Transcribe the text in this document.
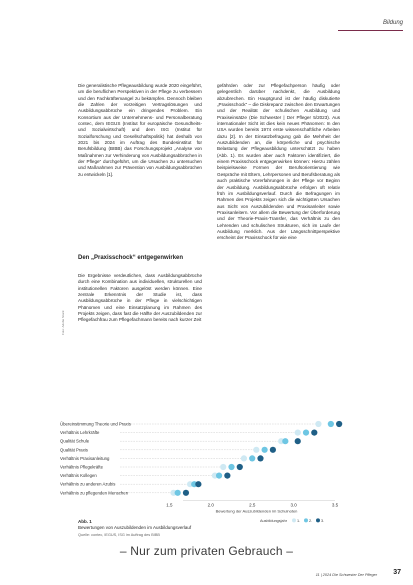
Bildung

Die generalistische Pflegeausbildung wurde 2020 eingeführt, um die beruflichen Perspektiven in der Pflege zu verbessern und den Fachkräftemangel zu bekämpfen. Dennoch bleiben die Zahlen der vorzeitigen Vertragslösungen und Ausbildungsabbrüche ein dringendes Problem. Ein Konsortium aus der Unternehmens- und Personalberatung contec, dem IEGUS (Institut für europäische Gesundheits- und Sozialwirtschaft) und dem ISG (Institut für Sozialforschung und Gesellschaftspolitik) hat deshalb von 2021 bis 2024 im Auftrag des Bundesinstitut für Berufsbildung (BIBB) das Forschungsprojekt „Analyse von Maßnahmen zur Verhinderung von Ausbildungsabbrüchen in der Pflege“ durchgeführt, um die Ursachen zu untersuchen und Maßnahmen zur Prävention von Ausbildungsabbrüchen zu entwickeln [1].

Den „Praxisschock“ entgegenwirken

Die Ergebnisse verdeutlichen, dass Ausbildungsabbrüche durch eine Kombination aus individuellen, strukturellen und institutionellen Faktoren ausgelöst werden können. Eine zentrale Erkenntnis der Studie ist, dass Ausbildungsabbrüche in der Pflege in vielschichtigen Phänomen und eine Einsatzplanung im Rahmen des Projekts zeigen, dass fast die Hälfte der Auszubildenden zur Pflegefachfrau zum Pflegefachmann bereits nach kurzer Zeit

gefährden oder zur Pflegefachperson häufig oder gelegentlich darüber nachdenkt, die Ausbildung abzubrechen. Ein Hauptgrund ist der häufig diskutierte „Praxisschock“ – die Diskrepanz zwischen den Erwartungen und der Realität der schulischen Ausbildung und Praxiseinsätze (Die Schwester | Der Pfleger 5/2023). Aus internationaler Sicht ist dies kein neues Phänomen: In den USA wurden bereits 1974 erste wissenschaftliche Arbeiten dazu [2]. In der Einsatzbefragung gab die Mehrheit der Auszubildenden an, die körperliche und psychische Belastung der Pflegeausbildung unterschätzt zu haben (Abb. 1). Es wurden aber auch Faktoren identifiziert, die einem Praxisschock entgegenwirken können: Hierzu zählen beispielsweise Formen der Berufsorientierung wie Gespräche mit Eltern, Lehrpersonen und Berufsberatung als auch praktische Vorerfahrungen in der Pflege vor Beginn der Ausbildung. Ausbildungsabbrüche erfolgen oft relativ früh im Ausbildungsverlauf. Durch die Befragungen im Rahmen des Projekts zeigen sich die wichtigsten Ursachen aus Sicht von Auszubildenden und Praxisanleiter sowie Praxisanleitern. Vor allem die Bewertung der Überforderung und der Theorie-Praxis-Transfer, das Verhältnis zu den Lehrenden und schulischen Strukturen, sich im Laufe der Ausbildung merklich. Aus der Längsschnittperspektive erscheint der Praxisschock für wie eine

Foto: Adobe Stock
Übereinstimmung Theorie und Praxis
Verhältnis Lehrkräfte
Qualität Schule
Qualität Praxis
Verhältnis Praxisanleitung
Verhältnis Pflegekräfte
Verhältnis Kollegen
Verhältnis zu anderen Azubis
Verhältnis zu pflegenden Menschen
1.5	2.0	2.5	3.0	3.5
Bewertung der Auszubildenden im Schulnoten
Ausbildungsjahr	1. 2. 3.
Abb. 1
Bewertungen von Auszubildenden im Ausbildungsverlauf
Quelle: contec, IEGUS, ISG im Auftrag des BIBB
– Nur zum privaten Gebrauch –
11 | 2024 Die Schwester Der Pfleger 37
